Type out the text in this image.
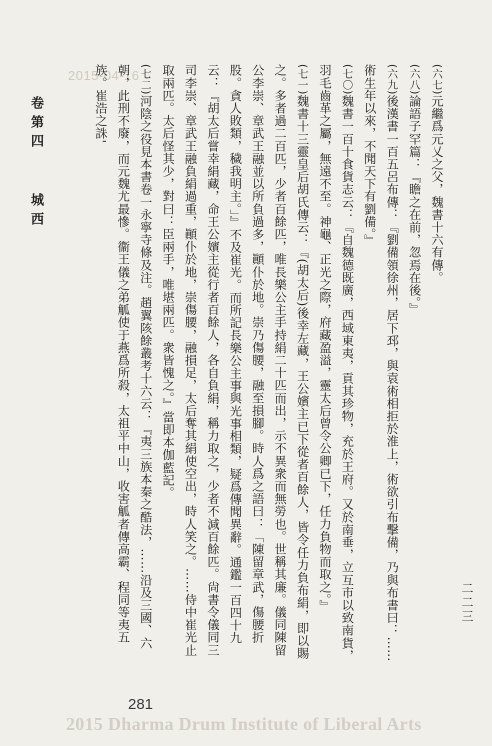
2015-04-16
卷第四城西

(六七)元繼爲元乂之父，魏書十六有傳。

(六八)論語子罕篇：『瞻之在前，忽焉在後。』

(六九)後漢書一百五呂布傳：『劉備領徐州，居下邳，與袁術相拒於淮上，術欲引布擊備，乃與布書曰：……術生年以來，不聞天下有劉備。』

(七〇)魏書一百十食貨志云：『自魏德既廣，西域東夷，貢其珍物，充於王府。又於南垂，立互市以致南貨，羽毛齒革之屬，無遠不至。神龜、正光之際，府藏盈溢，靈太后曾令公卿已下，任力負物而取之。』

(七一)魏書十三靈皇后胡氏傳云：『(胡太后)後幸左藏，王公嬪主已下從者百餘人，皆令任力負布絹，即以賜之。多者過二百匹，少者百餘匹，唯長樂公主手持絹二十匹而出，示不異衆而無勞也。世稱其廉。儀同陳留公李崇、章武王融並以所負過多，顚仆於地。崇乃傷腰，融至損腳。時人爲之語曰：「陳留章武，傷腰折股。貪人敗類，穢我明主。」』不及崔光。而所記長樂公主事與光事相類，疑爲傳聞異辭。通鑑一百四十九云：『胡太后嘗幸絹藏，命王公嬪主從行者百餘人，各自負絹，稱力取之，少者不減百餘匹。尙書令儀同三司李崇、章武王融負絹過重，顚仆於地，崇傷腰，融損足，太后奪其絹使空出，時人笑之。……侍中崔光止取兩匹。太后怪其少，對曰：臣兩手，唯堪兩匹。衆皆愧之。』當即本伽藍記。

(七二)河陰之役見本書卷一永寧寺條及注。趙翼陔餘叢考十六云：『夷三族本秦之酷法，……沿及三國、六朝，此刑不廢，而元魏尤最慘。衞王儀之弟觚使于燕爲所殺，太祖平中山，收害觚者傳高霸、程同等夷五族。崔浩之誅'

二二三
281
2015 Dharma Drum Institute of Liberal Arts
